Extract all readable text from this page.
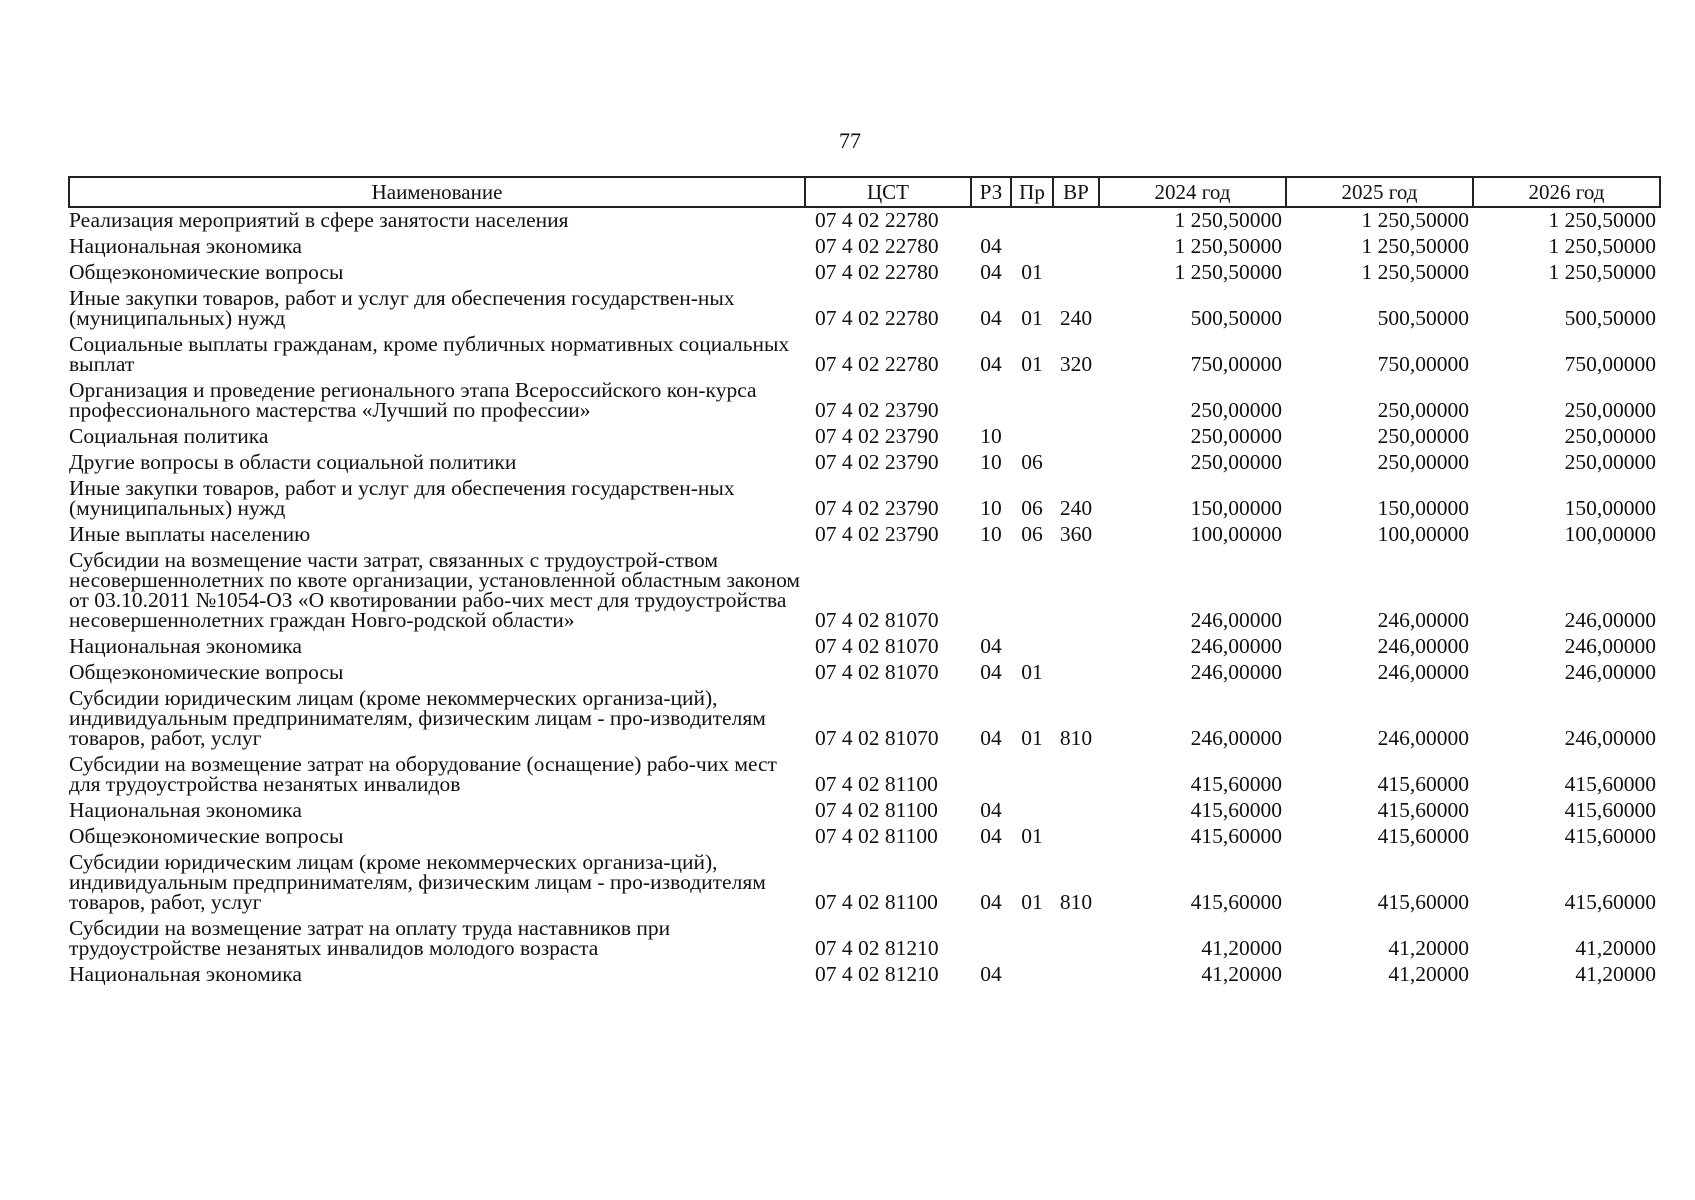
77
Наименование	ЦСТ	РЗ	Пр	ВР	2024 год	2025 год	2026 год
Реализация мероприятий в сфере занятости населения	07 4 02 22780				1 250,50000	1 250,50000	1 250,50000
Национальная экономика	07 4 02 22780	04			1 250,50000	1 250,50000	1 250,50000
Общеэкономические вопросы	07 4 02 22780	04	01		1 250,50000	1 250,50000	1 250,50000
Иные закупки товаров, работ и услуг для обеспечения государствен-ных (муниципальных) нужд	07 4 02 22780	04	01	240	500,50000	500,50000	500,50000
Социальные выплаты гражданам, кроме публичных нормативных социальных выплат	07 4 02 22780	04	01	320	750,00000	750,00000	750,00000
Организация и проведение регионального этапа Всероссийского кон-курса профессионального мастерства «Лучший по профессии»	07 4 02 23790				250,00000	250,00000	250,00000
Социальная политика	07 4 02 23790	10			250,00000	250,00000	250,00000
Другие вопросы в области социальной политики	07 4 02 23790	10	06		250,00000	250,00000	250,00000
Иные закупки товаров, работ и услуг для обеспечения государствен-ных (муниципальных) нужд	07 4 02 23790	10	06	240	150,00000	150,00000	150,00000
Иные выплаты населению	07 4 02 23790	10	06	360	100,00000	100,00000	100,00000
Субсидии на возмещение части затрат, связанных с трудоустрой-ством несовершеннолетних по квоте организации, установленной областным законом от 03.10.2011 №1054-ОЗ «О квотировании рабо-чих мест для трудоустройства несовершеннолетних граждан Новго-родской области»	07 4 02 81070				246,00000	246,00000	246,00000
Национальная экономика	07 4 02 81070	04			246,00000	246,00000	246,00000
Общеэкономические вопросы	07 4 02 81070	04	01		246,00000	246,00000	246,00000
Субсидии юридическим лицам (кроме некоммерческих организа-ций), индивидуальным предпринимателям, физическим лицам - про-изводителям товаров, работ, услуг	07 4 02 81070	04	01	810	246,00000	246,00000	246,00000
Субсидии на возмещение затрат на оборудование (оснащение) рабо-чих мест для трудоустройства незанятых инвалидов	07 4 02 81100				415,60000	415,60000	415,60000
Национальная экономика	07 4 02 81100	04			415,60000	415,60000	415,60000
Общеэкономические вопросы	07 4 02 81100	04	01		415,60000	415,60000	415,60000
Субсидии юридическим лицам (кроме некоммерческих организа-ций), индивидуальным предпринимателям, физическим лицам - про-изводителям товаров, работ, услуг	07 4 02 81100	04	01	810	415,60000	415,60000	415,60000
Субсидии на возмещение затрат на оплату труда наставников при трудоустройстве незанятых инвалидов молодого возраста	07 4 02 81210				41,20000	41,20000	41,20000
Национальная экономика	07 4 02 81210	04			41,20000	41,20000	41,20000
